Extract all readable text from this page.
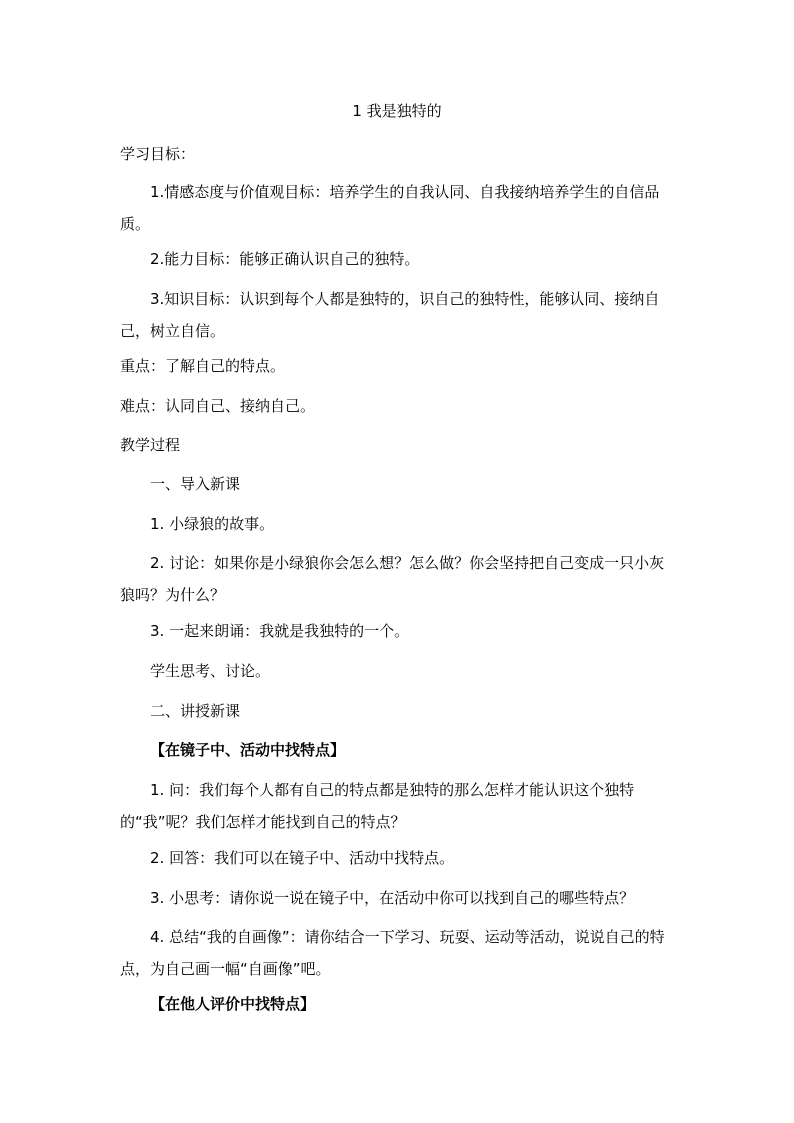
1 我是独特的
学习目标：
1.情感态度与价值观目标：培养学生的自我认同、自我接纳培养学生的自信品质。
2.能力目标：能够正确认识自己的独特。
3.知识目标：认识到每个人都是独特的，识自己的独特性，能够认同、接纳自己，树立自信。
重点：了解自己的特点。
难点：认同自己、接纳自己。
教学过程
一、导入新课
1. 小绿狼的故事。
2. 讨论：如果你是小绿狼你会怎么想？怎么做？你会坚持把自己变成一只小灰狼吗？为什么？
3. 一起来朗诵：我就是我独特的一个。
学生思考、讨论。
二、讲授新课
【在镜子中、活动中找特点】
1. 问：我们每个人都有自己的特点都是独特的那么怎样才能认识这个独特的“我”呢？我们怎样才能找到自己的特点？
2. 回答：我们可以在镜子中、活动中找特点。
3. 小思考：请你说一说在镜子中，在活动中你可以找到自己的哪些特点？
4. 总结“我的自画像”：请你结合一下学习、玩耍、运动等活动，说说自己的特点，为自己画一幅“自画像”吧。
【在他人评价中找特点】
